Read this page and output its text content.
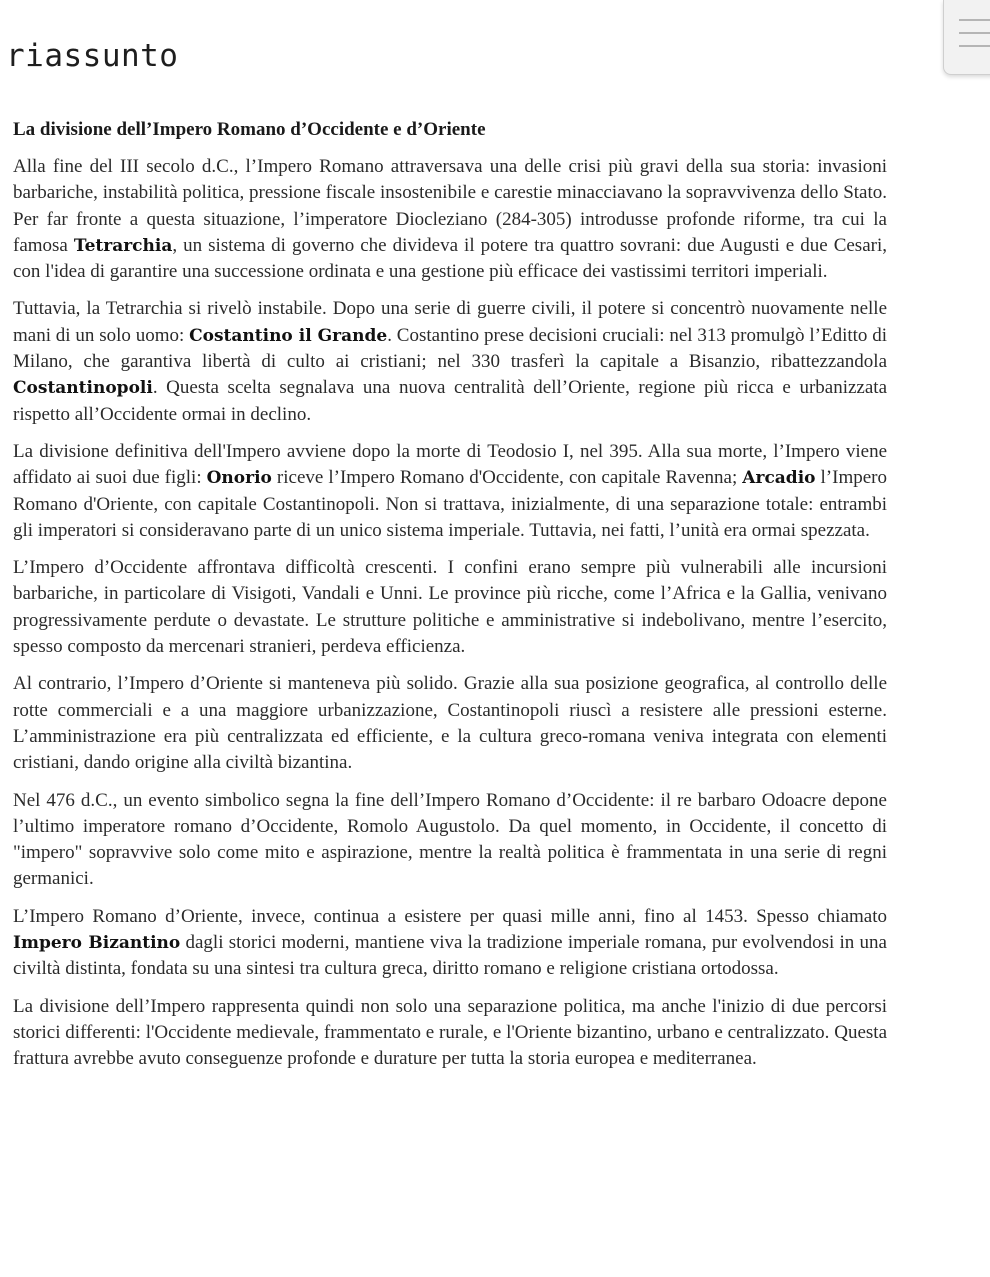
riassunto
La divisione dell’Impero Romano d’Occidente e d’Oriente

Alla fine del III secolo d.C., l’Impero Romano attraversava una delle crisi più gravi della sua storia: invasioni barbariche, instabilità politica, pressione fiscale insostenibile e carestie minacciavano la sopravvivenza dello Stato. Per far fronte a questa situazione, l’imperatore Diocleziano (284-305) introdusse profonde riforme, tra cui la famosa Tetrarchia, un sistema di governo che divideva il potere tra quattro sovrani: due Augusti e due Cesari, con l'idea di garantire una successione ordinata e una gestione più efficace dei vastissimi territori imperiali.

Tuttavia, la Tetrarchia si rivelò instabile. Dopo una serie di guerre civili, il potere si concentrò nuovamente nelle mani di un solo uomo: Costantino il Grande. Costantino prese decisioni cruciali: nel 313 promulgò l’Editto di Milano, che garantiva libertà di culto ai cristiani; nel 330 trasferì la capitale a Bisanzio, ribattezzandola Costantinopoli. Questa scelta segnalava una nuova centralità dell’Oriente, regione più ricca e urbanizzata rispetto all’Occidente ormai in declino.

La divisione definitiva dell'Impero avviene dopo la morte di Teodosio I, nel 395. Alla sua morte, l’Impero viene affidato ai suoi due figli: Onorio riceve l’Impero Romano d'Occidente, con capitale Ravenna; Arcadio l’Impero Romano d'Oriente, con capitale Costantinopoli. Non si trattava, inizialmente, di una separazione totale: entrambi gli imperatori si consideravano parte di un unico sistema imperiale. Tuttavia, nei fatti, l’unità era ormai spezzata.

L’Impero d’Occidente affrontava difficoltà crescenti. I confini erano sempre più vulnerabili alle incursioni barbariche, in particolare di Visigoti, Vandali e Unni. Le province più ricche, come l’Africa e la Gallia, venivano progressivamente perdute o devastate. Le strutture politiche e amministrative si indebolivano, mentre l’esercito, spesso composto da mercenari stranieri, perdeva efficienza.

Al contrario, l’Impero d’Oriente si manteneva più solido. Grazie alla sua posizione geografica, al controllo delle rotte commerciali e a una maggiore urbanizzazione, Costantinopoli riuscì a resistere alle pressioni esterne. L’amministrazione era più centralizzata ed efficiente, e la cultura greco-romana veniva integrata con elementi cristiani, dando origine alla civiltà bizantina.

Nel 476 d.C., un evento simbolico segna la fine dell’Impero Romano d’Occidente: il re barbaro Odoacre depone l’ultimo imperatore romano d’Occidente, Romolo Augustolo. Da quel momento, in Occidente, il concetto di "impero" sopravvive solo come mito e aspirazione, mentre la realtà politica è frammentata in una serie di regni germanici.

L’Impero Romano d’Oriente, invece, continua a esistere per quasi mille anni, fino al 1453. Spesso chiamato Impero Bizantino dagli storici moderni, mantiene viva la tradizione imperiale romana, pur evolvendosi in una civiltà distinta, fondata su una sintesi tra cultura greca, diritto romano e religione cristiana ortodossa.

La divisione dell’Impero rappresenta quindi non solo una separazione politica, ma anche l'inizio di due percorsi storici differenti: l'Occidente medievale, frammentato e rurale, e l'Oriente bizantino, urbano e centralizzato. Questa frattura avrebbe avuto conseguenze profonde e durature per tutta la storia europea e mediterranea.
